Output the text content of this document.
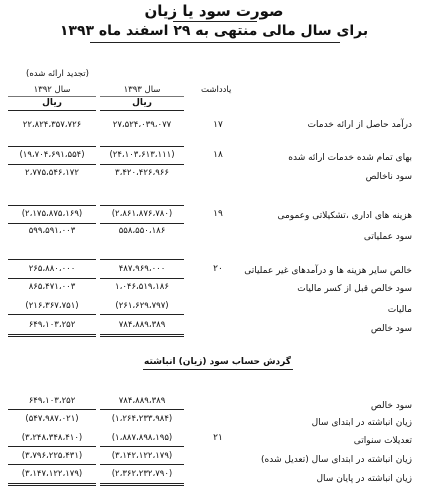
صورت سود یا زیان
برای سال مالی منتهی به ۲۹ اسفند ماه ۱۳۹۳
(تجدید ارائه شده)
یادداشت
سال ۱۳۹۳
سال ۱۳۹۲
ریال
ریال
درآمد حاصل از ارائه خدمات
۱۷
۲۷،۵۲۴،۰۳۹،۰۷۷
۲۲،۸۲۴،۳۵۷،۷۲۶
بهای تمام شده خدمات ارائه شده
۱۸
(۲۴،۱۰۳،۶۱۳،۱۱۱)
(۱۹،۷۰۴،۶۹۱،۵۵۴)
سود ناخالص
۳،۴۲۰،۴۲۶،۹۶۶
۲،۷۷۵،۵۴۶،۱۷۲
هزینه های اداری ،تشکیلاتی وعمومی
۱۹
(۲،۸۶۱،۸۷۶،۷۸۰)
(۲،۱۷۵،۸۷۵،۱۶۹)
سود عملیاتی
۵۵۸،۵۵۰،۱۸۶
۵۹۹،۵۹۱،۰۰۳
خالص سایر هزینه ها و درآمدهای غیر عملیاتی
۲۰
۴۸۷،۹۶۹،۰۰۰
۲۶۵،۸۸۰،۰۰۰
سود خالص قبل از کسر مالیات
۱،۰۴۶،۵۱۹،۱۸۶
۸۶۵،۴۷۱،۰۰۳
مالیات
(۲۶۱،۶۲۹،۷۹۷)
(۲۱۶،۳۶۷،۷۵۱)
سود خالص
۷۸۴،۸۸۹،۳۸۹
۶۴۹،۱۰۳،۲۵۲
گردش حساب سود (زیان) انباشته
سود خالص
۷۸۴،۸۸۹،۳۸۹
۶۴۹،۱۰۳،۲۵۲
زیان انباشته در ابتدای سال
(۱،۲۶۴،۲۳۳،۹۸۴)
(۵۴۷،۹۸۷،۰۲۱)
تعدیلات سنواتی
۲۱
(۱،۸۸۷،۸۹۸،۱۹۵)
(۳،۲۴۸،۳۴۸،۴۱۰)
زیان انباشته در ابتدای سال (تعدیل شده)
(۳،۱۴۲،۱۲۲،۱۷۹)
(۳،۷۹۶،۲۲۵،۴۳۱)
زیان انباشته در پایان سال
(۲،۳۶۲،۲۳۲،۷۹۰)
(۳،۱۴۷،۱۲۲،۱۷۹)
